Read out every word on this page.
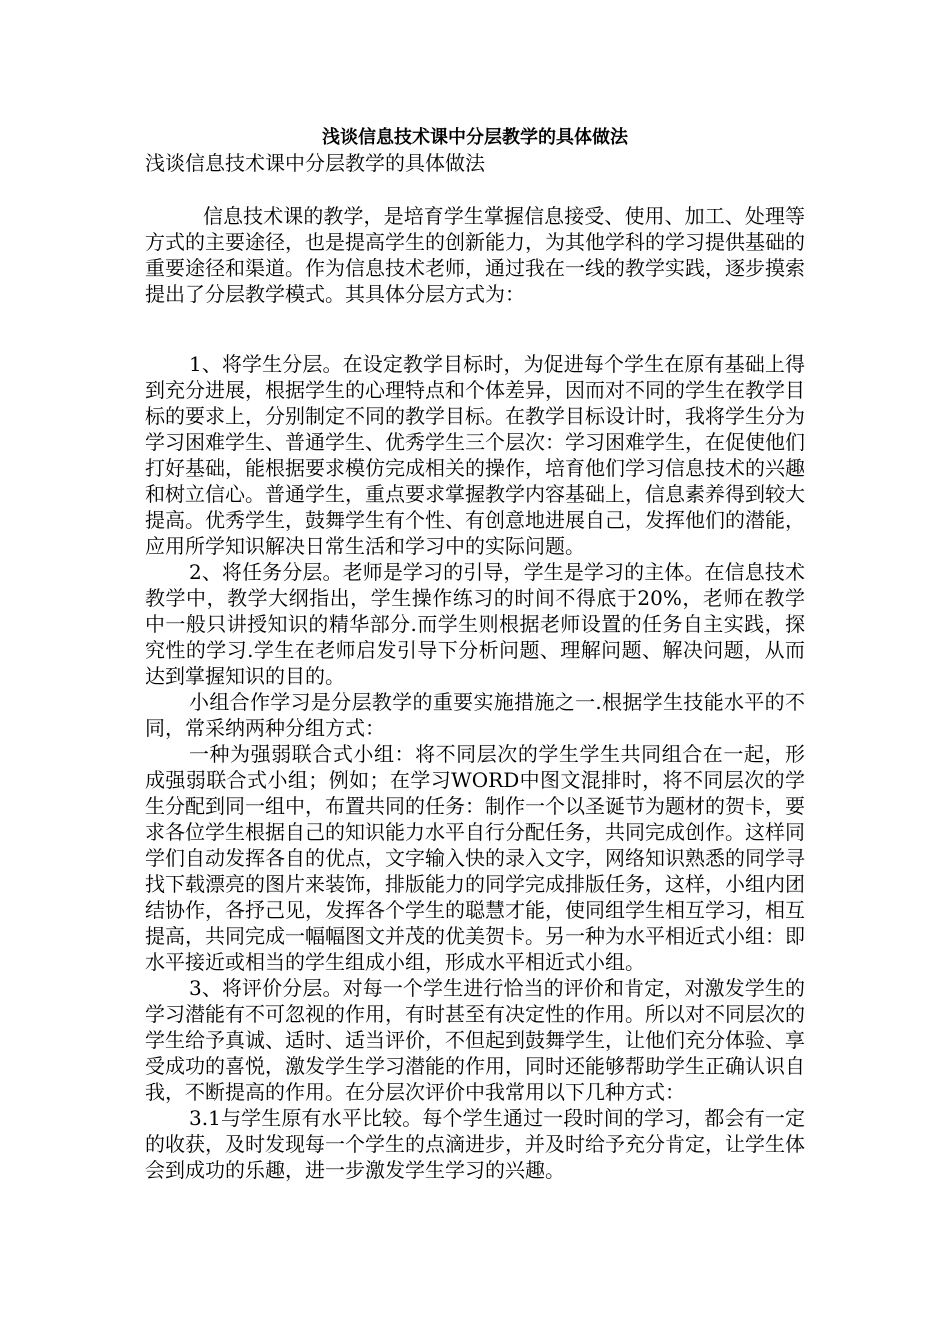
浅谈信息技术课中分层教学的具体做法
浅谈信息技术课中分层教学的具体做法

信息技术课的教学，是培育学生掌握信息接受、使用、加工、处理等方式的主要途径，也是提高学生的创新能力，为其他学科的学习提供基础的重要途径和渠道。作为信息技术老师，通过我在一线的教学实践，逐步摸索提出了分层教学模式。其具体分层方式为：

1、将学生分层。在设定教学目标时，为促进每个学生在原有基础上得到充分进展，根据学生的心理特点和个体差异，因而对不同的学生在教学目标的要求上，分别制定不同的教学目标。在教学目标设计时，我将学生分为学习困难学生、普通学生、优秀学生三个层次：学习困难学生，在促使他们打好基础，能根据要求模仿完成相关的操作，培育他们学习信息技术的兴趣和树立信心。普通学生，重点要求掌握教学内容基础上，信息素养得到较大提高。优秀学生，鼓舞学生有个性、有创意地进展自己，发挥他们的潜能，应用所学知识解决日常生活和学习中的实际问题。

2、将任务分层。老师是学习的引导，学生是学习的主体。在信息技术教学中，教学大纲指出，学生操作练习的时间不得底于20%，老师在教学中一般只讲授知识的精华部分.而学生则根据老师设置的任务自主实践，探究性的学习.学生在老师启发引导下分析问题、理解问题、解决问题，从而达到掌握知识的目的。

小组合作学习是分层教学的重要实施措施之一.根据学生技能水平的不同，常采纳两种分组方式：

一种为强弱联合式小组：将不同层次的学生学生共同组合在一起，形成强弱联合式小组；例如；在学习WORD中图文混排时，将不同层次的学生分配到同一组中，布置共同的任务：制作一个以圣诞节为题材的贺卡，要求各位学生根据自己的知识能力水平自行分配任务，共同完成创作。这样同学们自动发挥各自的优点，文字输入快的录入文字，网络知识熟悉的同学寻找下载漂亮的图片来装饰，排版能力的同学完成排版任务，这样，小组内团结协作，各抒己见，发挥各个学生的聪慧才能，使同组学生相互学习，相互提高，共同完成一幅幅图文并茂的优美贺卡。另一种为水平相近式小组：即水平接近或相当的学生组成小组，形成水平相近式小组。

3、将评价分层。对每一个学生进行恰当的评价和肯定，对激发学生的学习潜能有不可忽视的作用，有时甚至有决定性的作用。所以对不同层次的学生给予真诚、适时、适当评价，不但起到鼓舞学生，让他们充分体验、享受成功的喜悦，激发学生学习潜能的作用，同时还能够帮助学生正确认识自我，不断提高的作用。在分层次评价中我常用以下几种方式：

3.1与学生原有水平比较。每个学生通过一段时间的学习，都会有一定的收获，及时发现每一个学生的点滴进步，并及时给予充分肯定，让学生体会到成功的乐趣，进一步激发学生学习的兴趣。
